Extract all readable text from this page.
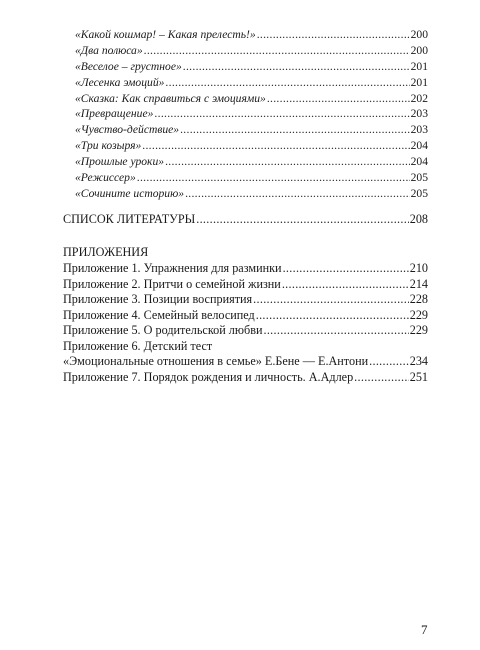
«Какой кошмар! – Какая прелесть!» .....	200
«Два полюса» .....	200
«Веселое – грустное» .....	201
«Лесенка эмоций» .....	201
«Сказка: Как справиться с эмоциями» .....	202
«Превращение» .....	203
«Чувство-действие» .....	203
«Три козыря» .....	204
«Прошлые уроки» .....	204
«Режиссер» .....	205
«Сочините историю» .....	205
СПИСОК ЛИТЕРАТУРЫ .....	208
ПРИЛОЖЕНИЯ
Приложение 1. Упражнения для разминки .....	210
Приложение 2. Притчи о семейной жизни .....	214
Приложение 3. Позиции восприятия .....	228
Приложение 4. Семейный велосипед .....	229
Приложение 5. О родительской любви .....	229
Приложение 6. Детский тест
«Эмоциональные отношения в семье» Е.Бене — Е.Антони .....	234
Приложение 7. Порядок рождения и личность. А.Адлер .....	251
7
